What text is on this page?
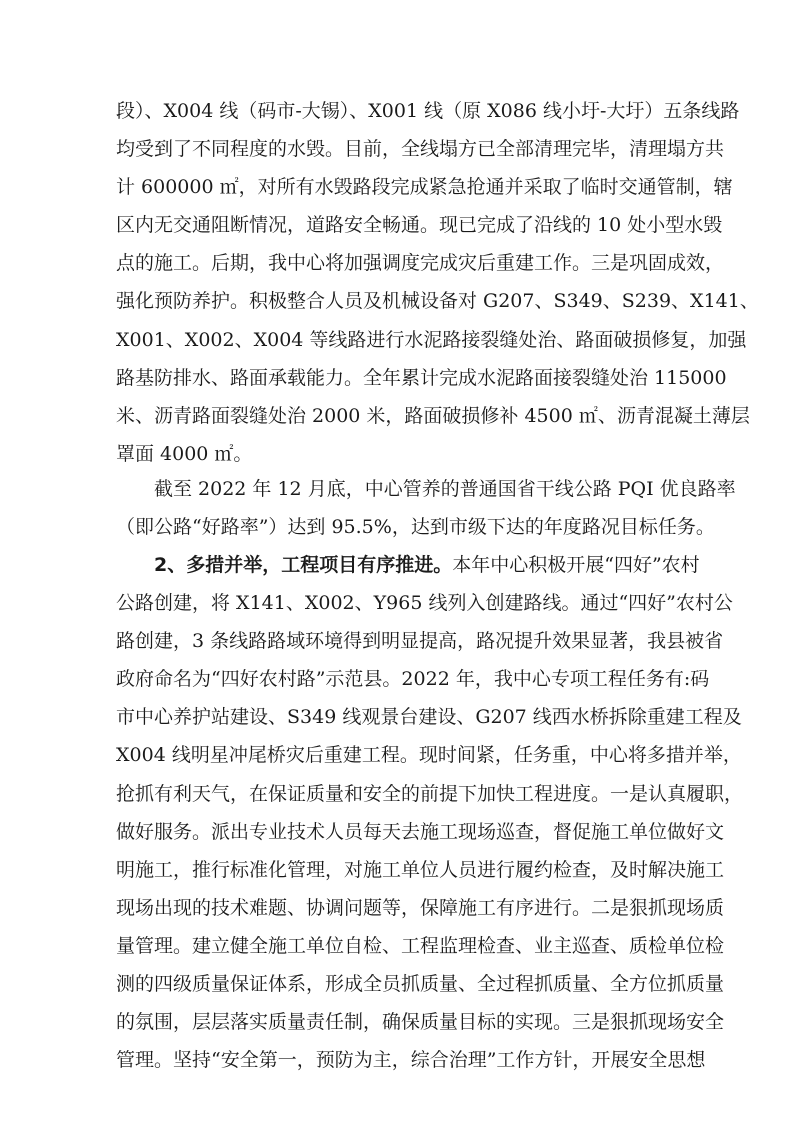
段）、X004 线（码市-大锡）、X001 线（原 X086 线小圩-大圩）五条线路
均受到了不同程度的水毁。目前，全线塌方已全部清理完毕，清理塌方共
计 600000 ㎡，对所有水毁路段完成紧急抢通并采取了临时交通管制，辖
区内无交通阻断情况，道路安全畅通。现已完成了沿线的 10 处小型水毁
点的施工。后期，我中心将加强调度完成灾后重建工作。三是巩固成效，
强化预防养护。积极整合人员及机械设备对 G207、S349、S239、X141、
X001、X002、X004 等线路进行水泥路接裂缝处治、路面破损修复，加强
路基防排水、路面承载能力。全年累计完成水泥路面接裂缝处治 115000
米、沥青路面裂缝处治 2000 米，路面破损修补 4500 ㎡、沥青混凝土薄层
罩面 4000 ㎡。
截至 2022 年 12 月底，中心管养的普通国省干线公路 PQI 优良路率
（即公路“好路率”）达到 95.5%，达到市级下达的年度路况目标任务。
2、多措并举，工程项目有序推进。本年中心积极开展“四好”农村
公路创建，将 X141、X002、Y965 线列入创建路线。通过“四好”农村公
路创建，3 条线路路域环境得到明显提高，路况提升效果显著，我县被省
政府命名为“四好农村路”示范县。2022 年，我中心专项工程任务有:码
市中心养护站建设、S349 线观景台建设、G207 线西水桥拆除重建工程及
X004 线明星冲尾桥灾后重建工程。现时间紧，任务重，中心将多措并举，
抢抓有利天气，在保证质量和安全的前提下加快工程进度。一是认真履职，
做好服务。派出专业技术人员每天去施工现场巡查，督促施工单位做好文
明施工，推行标准化管理，对施工单位人员进行履约检查，及时解决施工
现场出现的技术难题、协调问题等，保障施工有序进行。二是狠抓现场质
量管理。建立健全施工单位自检、工程监理检查、业主巡查、质检单位检
测的四级质量保证体系，形成全员抓质量、全过程抓质量、全方位抓质量
的氛围，层层落实质量责任制，确保质量目标的实现。三是狠抓现场安全
管理。坚持“安全第一，预防为主，综合治理”工作方针，开展安全思想
